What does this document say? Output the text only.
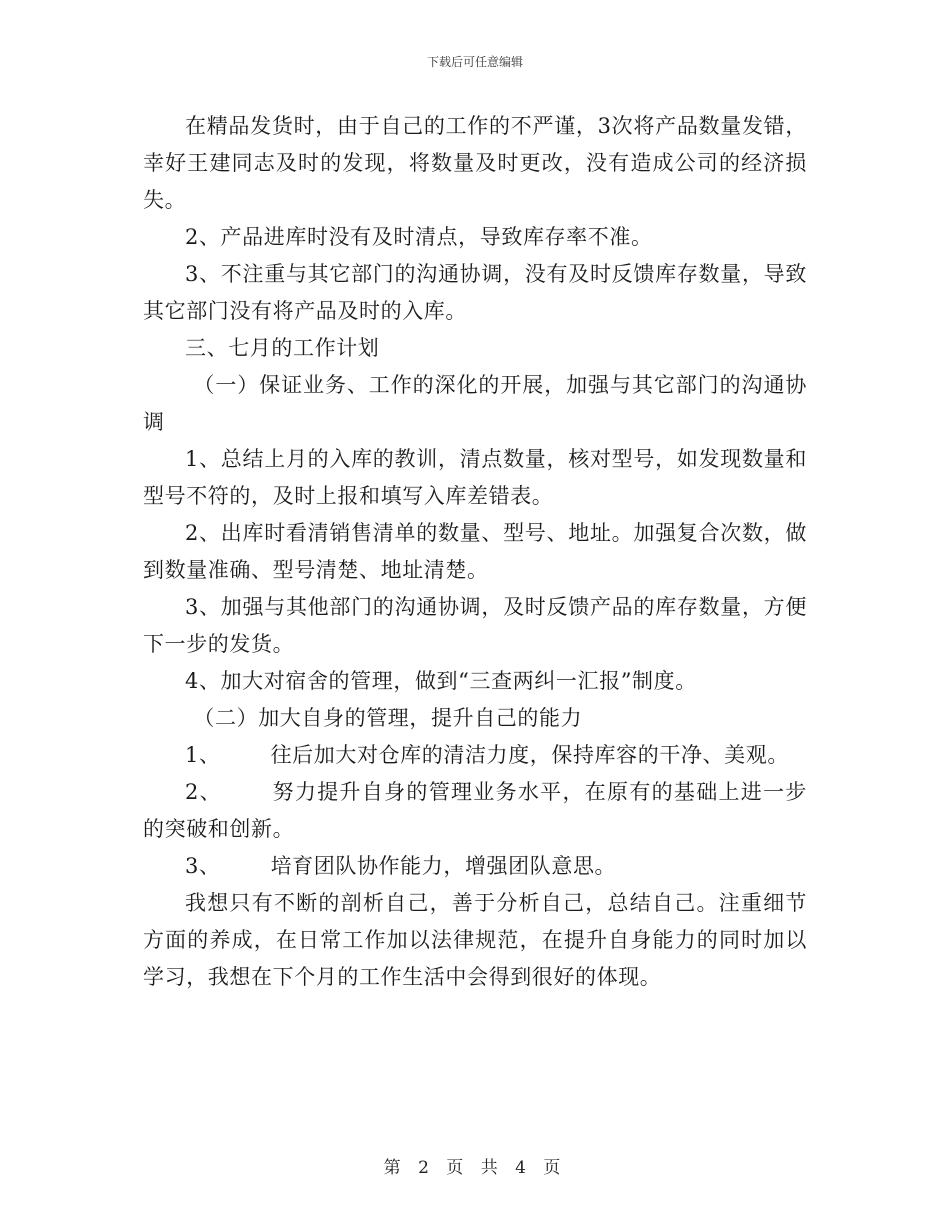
下载后可任意编辑

在精品发货时，由于自己的工作的不严谨，3次将产品数量发错，幸好王建同志及时的发现，将数量及时更改，没有造成公司的经济损失。

2、产品进库时没有及时清点，导致库存率不准。

3、不注重与其它部门的沟通协调，没有及时反馈库存数量，导致其它部门没有将产品及时的入库。

三、七月的工作计划

（一）保证业务、工作的深化的开展，加强与其它部门的沟通协调

1、总结上月的入库的教训，清点数量，核对型号，如发现数量和型号不符的，及时上报和填写入库差错表。

2、出库时看清销售清单的数量、型号、地址。加强复合次数，做到数量准确、型号清楚、地址清楚。

3、加强与其他部门的沟通协调，及时反馈产品的库存数量，方便下一步的发货。

4、加大对宿舍的管理，做到“三查两纠一汇报”制度。

（二）加大自身的管理，提升自己的能力

1、 往后加大对仓库的清洁力度，保持库容的干净、美观。

2、 努力提升自身的管理业务水平，在原有的基础上进一步的突破和创新。

3、 培育团队协作能力，增强团队意思。

我想只有不断的剖析自己，善于分析自己，总结自己。注重细节方面的养成，在日常工作加以法律规范，在提升自身能力的同时加以学习，我想在下个月的工作生活中会得到很好的体现。

第 2 页 共 4 页
